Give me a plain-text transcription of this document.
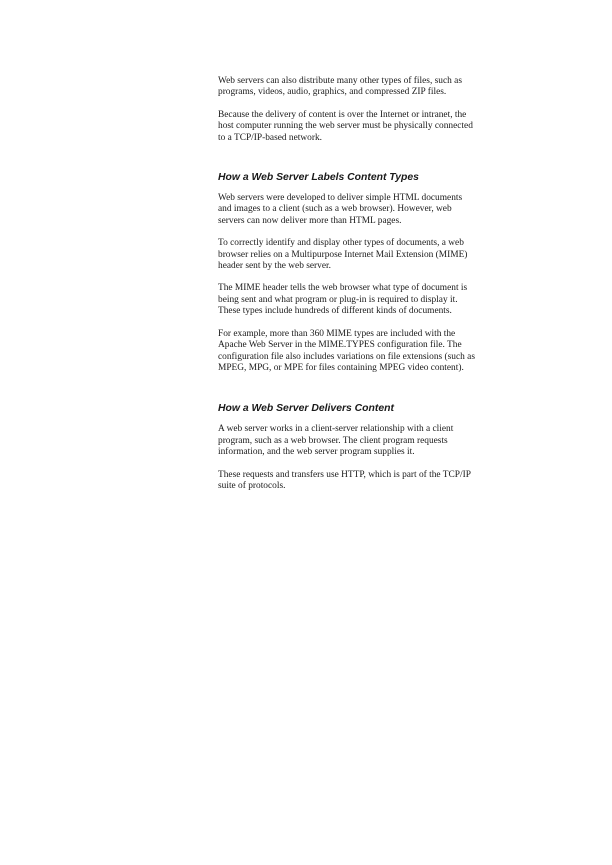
Web servers can also distribute many other types of files, such as
programs, videos, audio, graphics, and compressed ZIP files.

Because the delivery of content is over the Internet or intranet, the
host computer running the web server must be physically connected
to a TCP/IP-based network.

How a Web Server Labels Content Types

Web servers were developed to deliver simple HTML documents
and images to a client (such as a web browser). However, web
servers can now deliver more than HTML pages.

To correctly identify and display other types of documents, a web
browser relies on a Multipurpose Internet Mail Extension (MIME)
header sent by the web server.

The MIME header tells the web browser what type of document is
being sent and what program or plug-in is required to display it.
These types include hundreds of different kinds of documents.

For example, more than 360 MIME types are included with the
Apache Web Server in the MIME.TYPES configuration file. The
configuration file also includes variations on file extensions (such as
MPEG, MPG, or MPE for files containing MPEG video content).

How a Web Server Delivers Content

A web server works in a client-server relationship with a client
program, such as a web browser. The client program requests
information, and the web server program supplies it.

These requests and transfers use HTTP, which is part of the TCP/IP
suite of protocols.
